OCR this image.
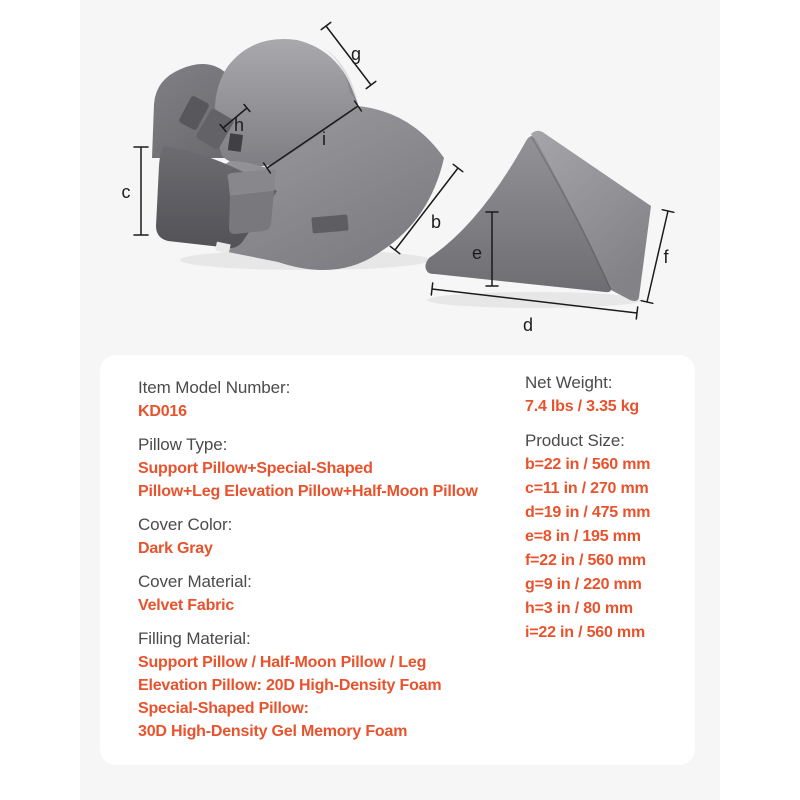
g
h
i
c
b
e
d
f
Item Model Number:
KD016
Pillow Type:
Support Pillow+Special-Shaped
Pillow+Leg Elevation Pillow+Half-Moon Pillow
Cover Color:
Dark Gray
Cover Material:
Velvet Fabric
Filling Material:
Support Pillow / Half-Moon Pillow / Leg
Elevation Pillow: 20D High-Density Foam
Special-Shaped Pillow:
30D High-Density Gel Memory Foam
Net Weight:
7.4 lbs / 3.35 kg
Product Size:
b=22 in / 560 mm
c=11 in / 270 mm
d=19 in / 475 mm
e=8 in / 195 mm
f=22 in / 560 mm
g=9 in / 220 mm
h=3 in / 80 mm
i=22 in / 560 mm
